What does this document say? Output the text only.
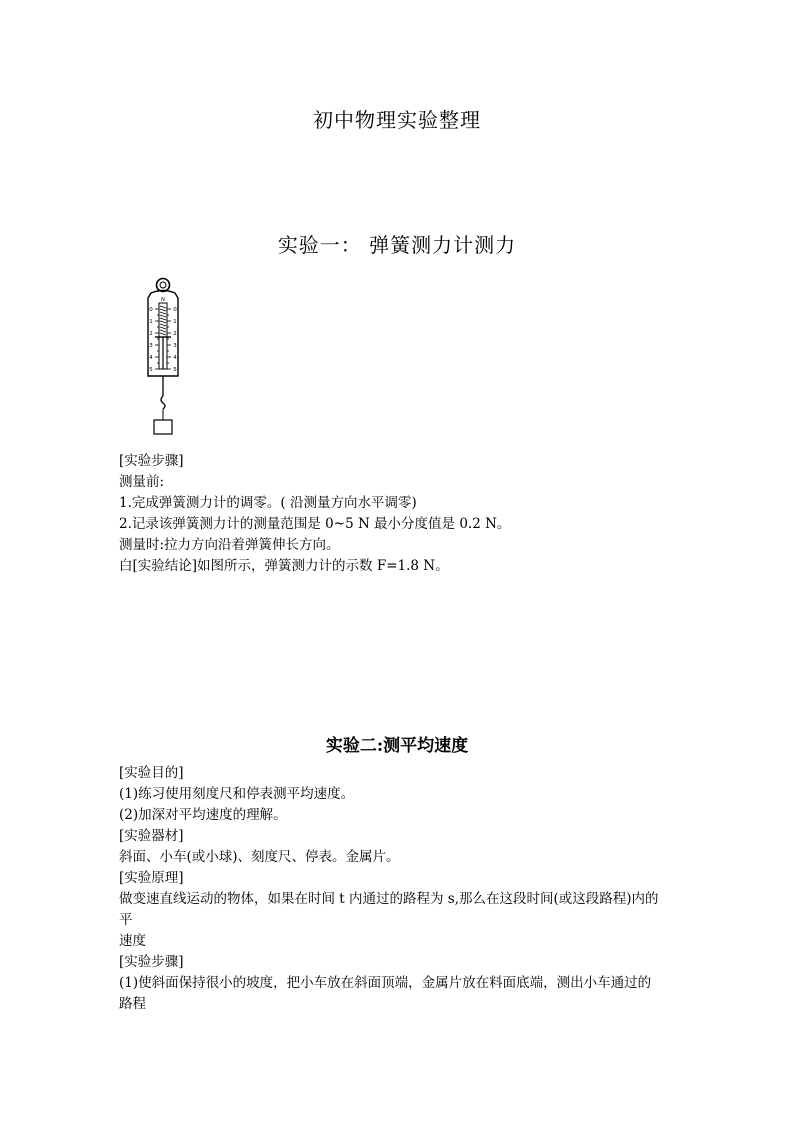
初中物理实验整理
实验一： 弹簧测力计测力
N
0
1
2
3
4
5
0
1
2
3
4
5

[实验步骤]

测量前:

1.完成弹簧测力计的调零。( 沿测量方向水平调零)

2.记录该弹簧测力计的测量范围是 0~5 N 最小分度值是 0.2 N。

测量时:拉力方向沿着弹簧伸长方向。

白[实验结论]如图所示，弹簧测力计的示数 F=1.8 N。

实验二:测平均速度

[实验目的]

(1)练习使用刻度尺和停表测平均速度。

(2)加深对平均速度的理解。

[实验器材]

斜面、小车(或小球)、刻度尺、停表。金属片。

[实验原理]

做变速直线运动的物体，如果在时间 t 内通过的路程为 s,那么在这段时间(或这段路程)内的

平

速度

[实验步骤]

(1)使斜面保持很小的坡度，把小车放在斜面顶端，金属片放在料面底端，测出小车通过的

路程
